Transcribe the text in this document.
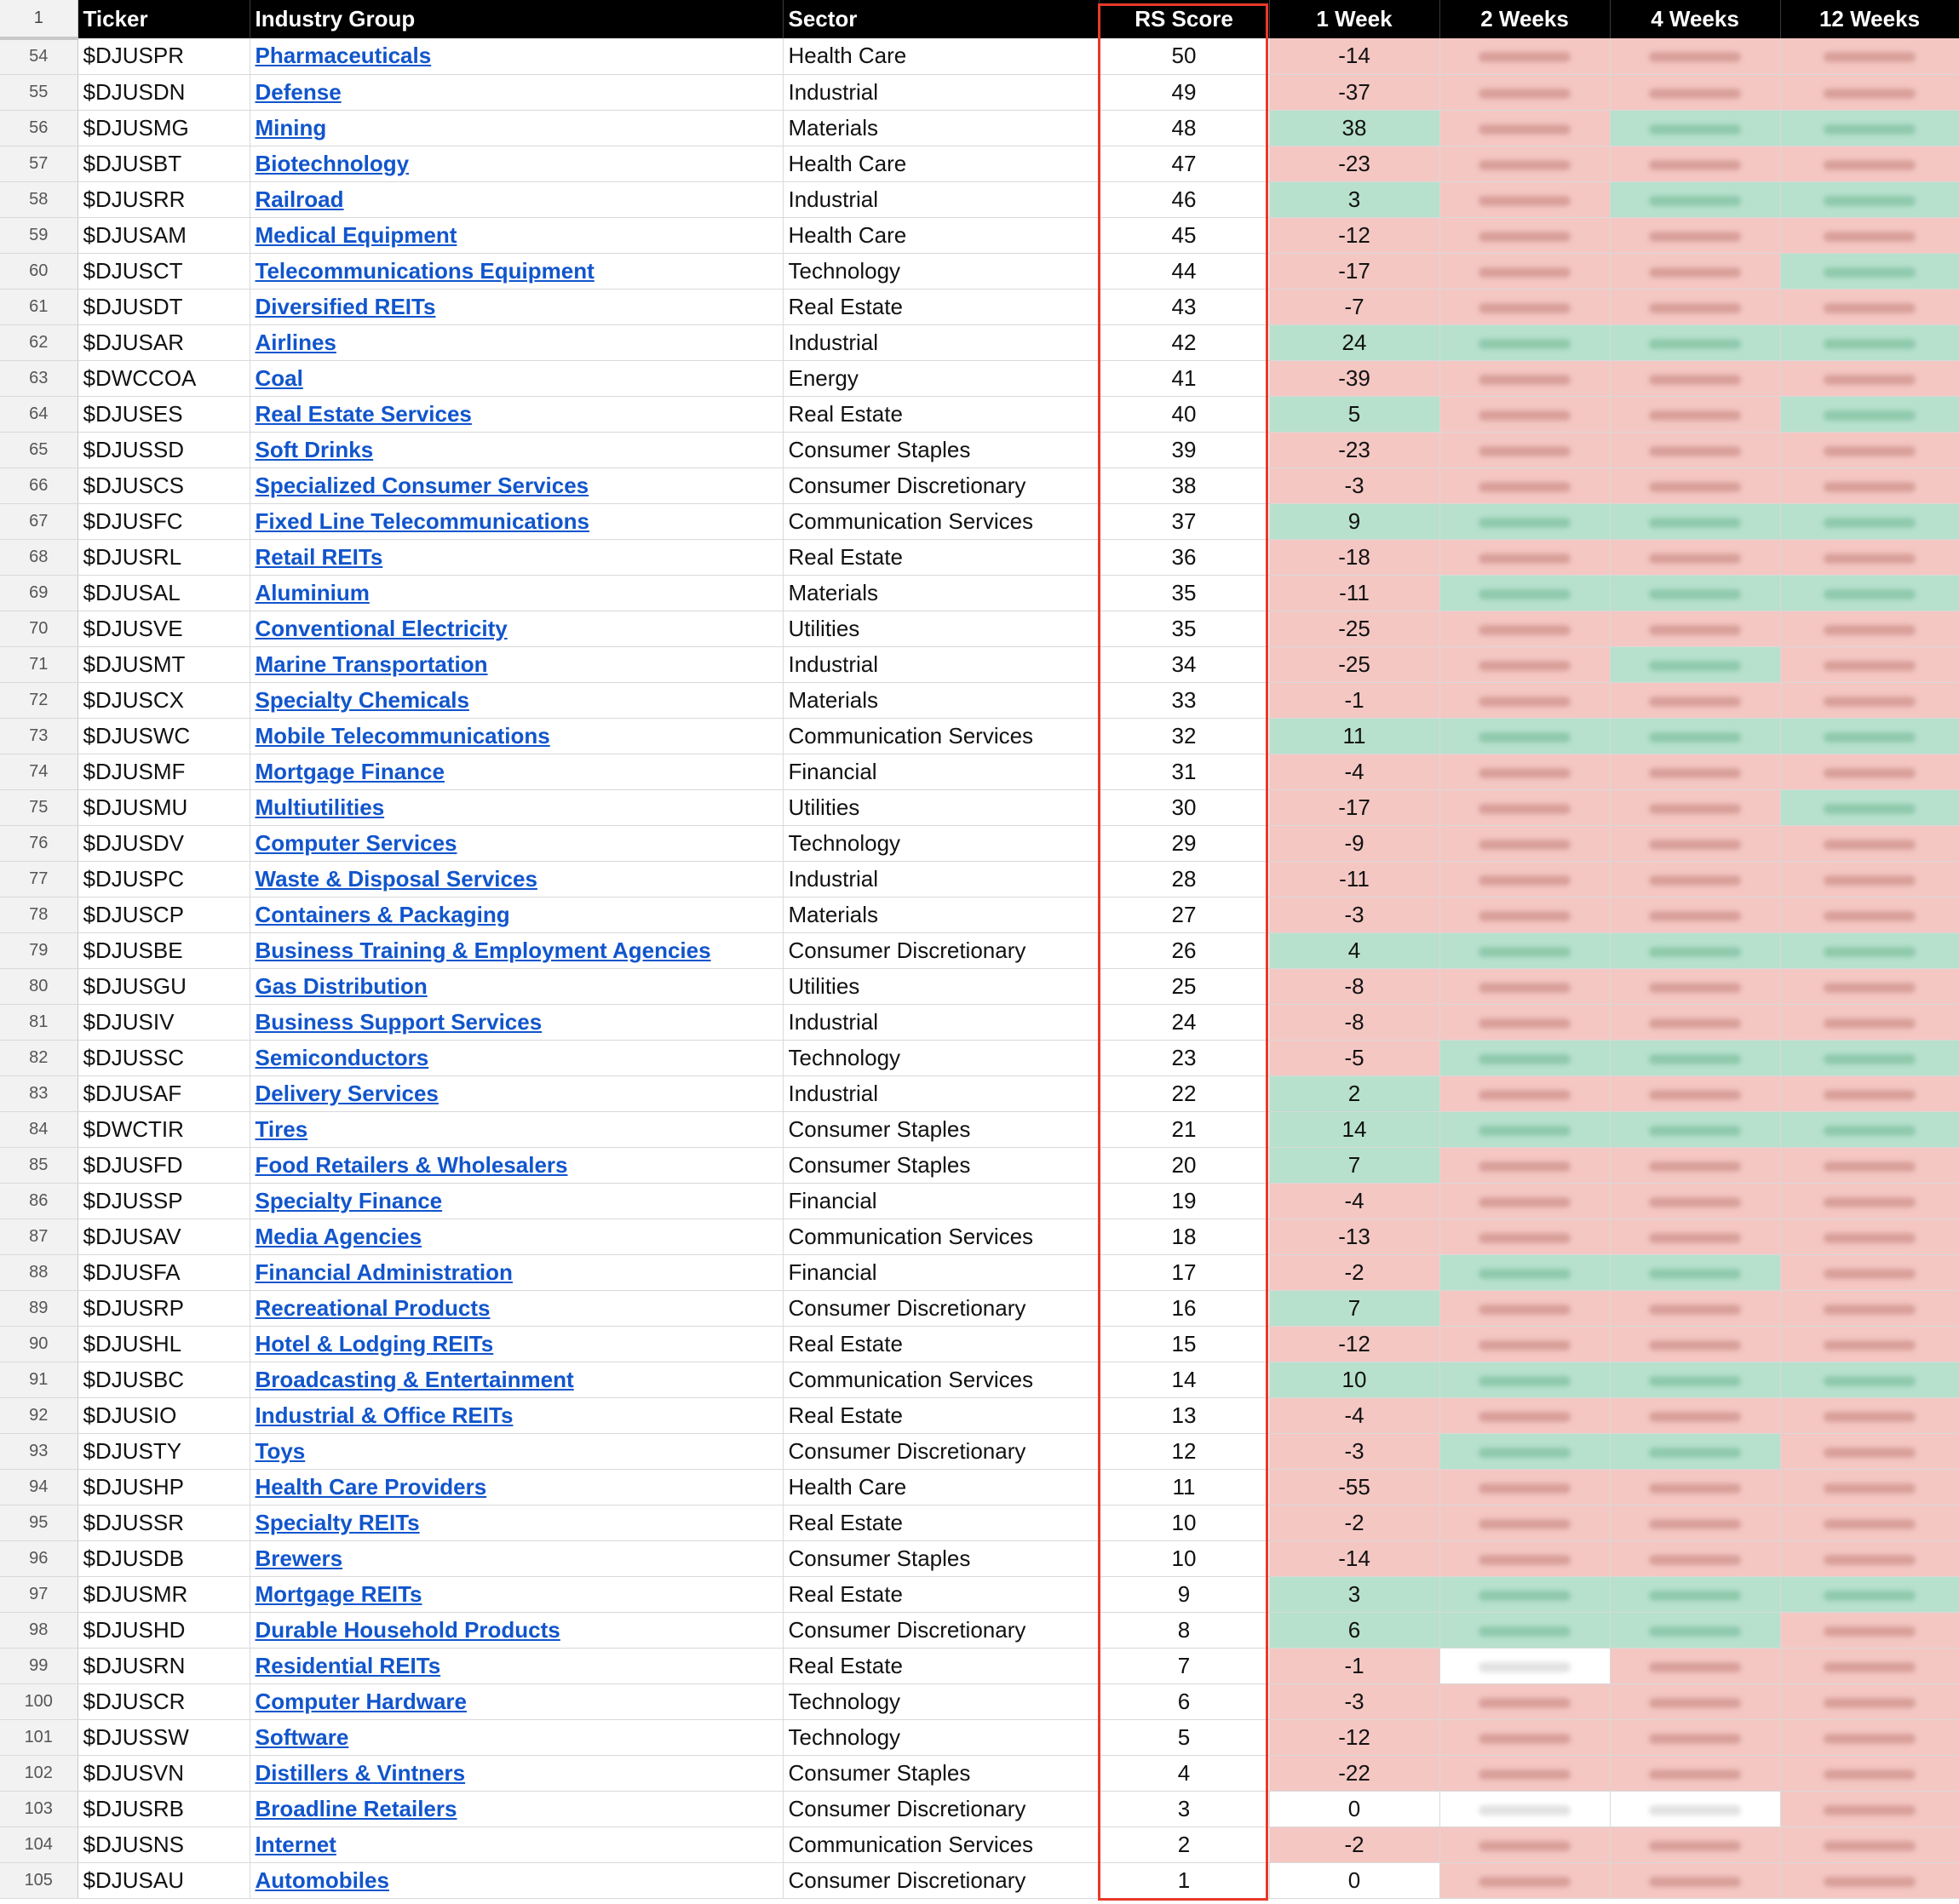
1	Ticker	Industry Group	Sector	RS Score	1 Week	2 Weeks	4 Weeks	12 Weeks
54	$DJUSPR	Pharmaceuticals	Health Care	50	-14			
55	$DJUSDN	Defense	Industrial	49	-37			
56	$DJUSMG	Mining	Materials	48	38			
57	$DJUSBT	Biotechnology	Health Care	47	-23			
58	$DJUSRR	Railroad	Industrial	46	3			
59	$DJUSAM	Medical Equipment	Health Care	45	-12			
60	$DJUSCT	Telecommunications Equipment	Technology	44	-17			
61	$DJUSDT	Diversified REITs	Real Estate	43	-7			
62	$DJUSAR	Airlines	Industrial	42	24			
63	$DWCCOA	Coal	Energy	41	-39			
64	$DJUSES	Real Estate Services	Real Estate	40	5			
65	$DJUSSD	Soft Drinks	Consumer Staples	39	-23			
66	$DJUSCS	Specialized Consumer Services	Consumer Discretionary	38	-3			
67	$DJUSFC	Fixed Line Telecommunications	Communication Services	37	9			
68	$DJUSRL	Retail REITs	Real Estate	36	-18			
69	$DJUSAL	Aluminium	Materials	35	-11			
70	$DJUSVE	Conventional Electricity	Utilities	35	-25			
71	$DJUSMT	Marine Transportation	Industrial	34	-25			
72	$DJUSCX	Specialty Chemicals	Materials	33	-1			
73	$DJUSWC	Mobile Telecommunications	Communication Services	32	11			
74	$DJUSMF	Mortgage Finance	Financial	31	-4			
75	$DJUSMU	Multiutilities	Utilities	30	-17			
76	$DJUSDV	Computer Services	Technology	29	-9			
77	$DJUSPC	Waste & Disposal Services	Industrial	28	-11			
78	$DJUSCP	Containers & Packaging	Materials	27	-3			
79	$DJUSBE	Business Training & Employment Agencies	Consumer Discretionary	26	4			
80	$DJUSGU	Gas Distribution	Utilities	25	-8			
81	$DJUSIV	Business Support Services	Industrial	24	-8			
82	$DJUSSC	Semiconductors	Technology	23	-5			
83	$DJUSAF	Delivery Services	Industrial	22	2			
84	$DWCTIR	Tires	Consumer Staples	21	14			
85	$DJUSFD	Food Retailers & Wholesalers	Consumer Staples	20	7			
86	$DJUSSP	Specialty Finance	Financial	19	-4			
87	$DJUSAV	Media Agencies	Communication Services	18	-13			
88	$DJUSFA	Financial Administration	Financial	17	-2			
89	$DJUSRP	Recreational Products	Consumer Discretionary	16	7			
90	$DJUSHL	Hotel & Lodging REITs	Real Estate	15	-12			
91	$DJUSBC	Broadcasting & Entertainment	Communication Services	14	10			
92	$DJUSIO	Industrial & Office REITs	Real Estate	13	-4			
93	$DJUSTY	Toys	Consumer Discretionary	12	-3			
94	$DJUSHP	Health Care Providers	Health Care	11	-55			
95	$DJUSSR	Specialty REITs	Real Estate	10	-2			
96	$DJUSDB	Brewers	Consumer Staples	10	-14			
97	$DJUSMR	Mortgage REITs	Real Estate	9	3			
98	$DJUSHD	Durable Household Products	Consumer Discretionary	8	6			
99	$DJUSRN	Residential REITs	Real Estate	7	-1			
100	$DJUSCR	Computer Hardware	Technology	6	-3			
101	$DJUSSW	Software	Technology	5	-12			
102	$DJUSVN	Distillers & Vintners	Consumer Staples	4	-22			
103	$DJUSRB	Broadline Retailers	Consumer Discretionary	3	0			
104	$DJUSNS	Internet	Communication Services	2	-2			
105	$DJUSAU	Automobiles	Consumer Discretionary	1	0			
